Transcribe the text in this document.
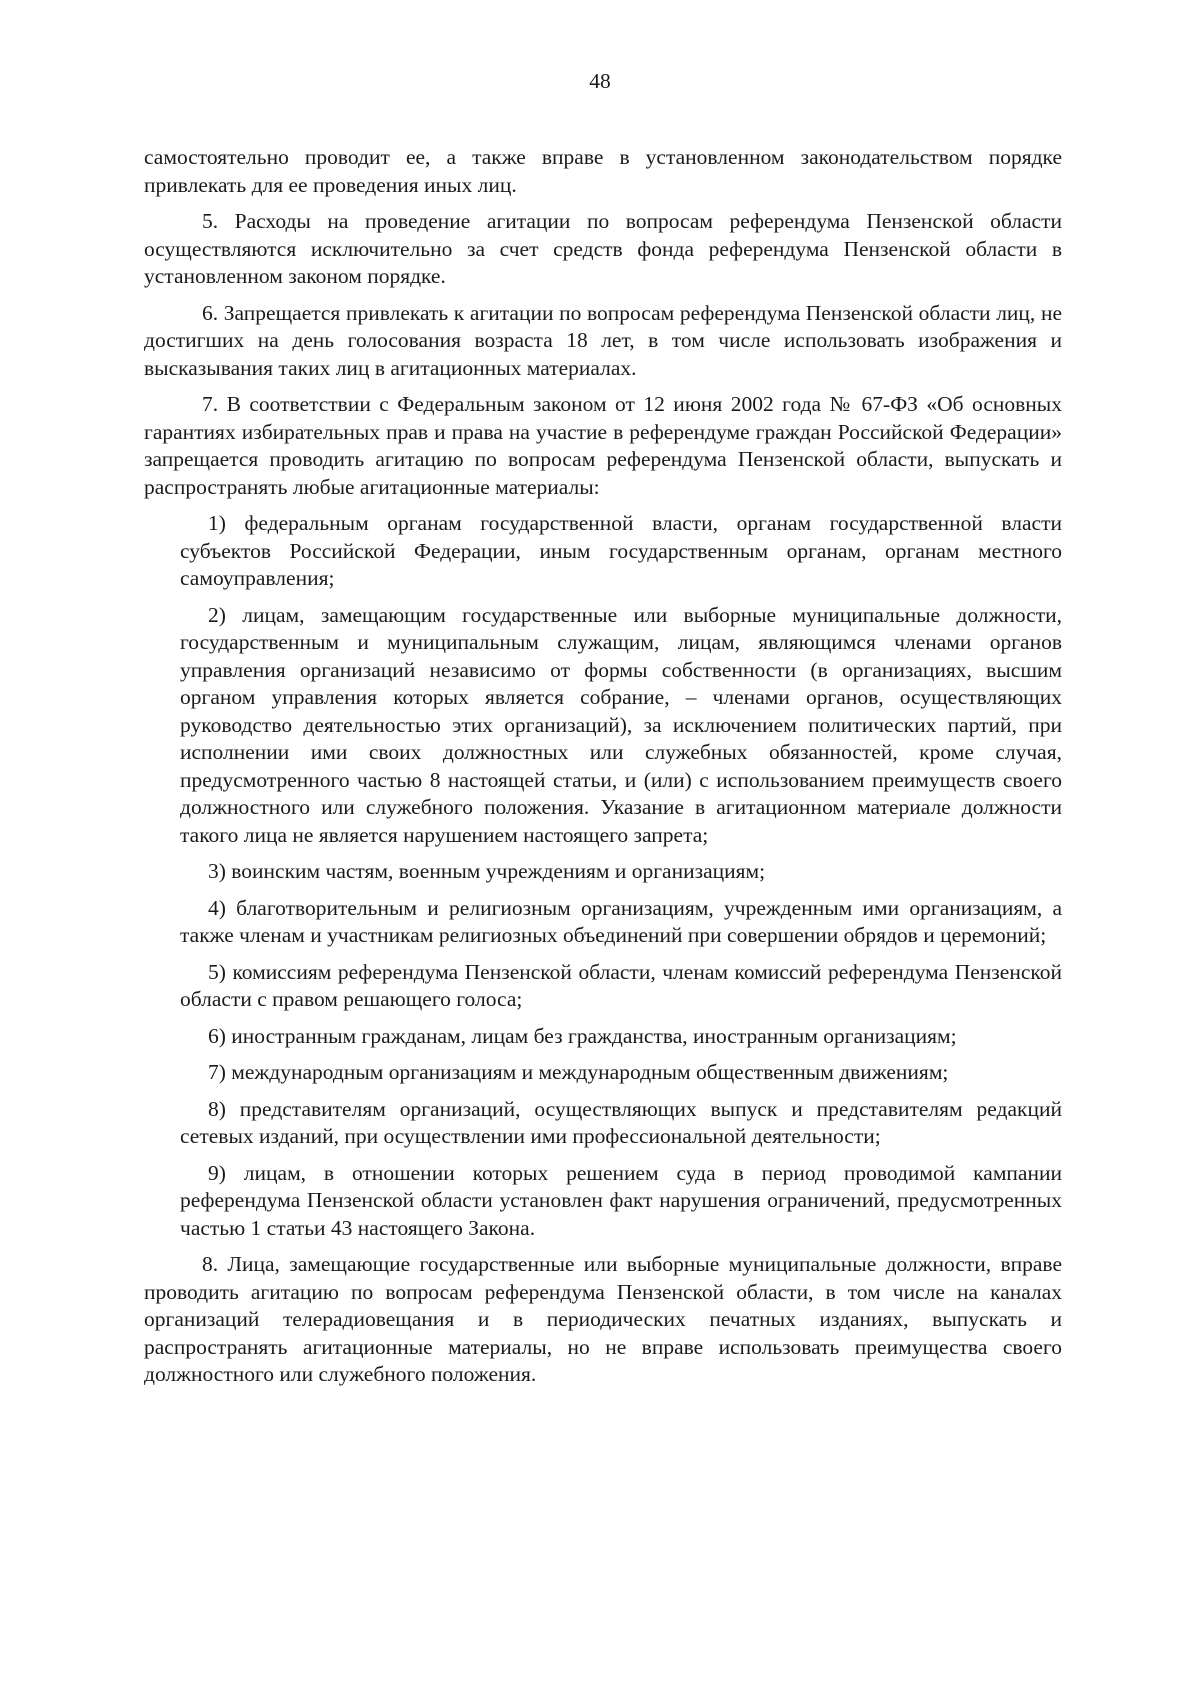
48

самостоятельно проводит ее, а также вправе в установленном законодательством порядке привлекать для ее проведения иных лиц.

5. Расходы на проведение агитации по вопросам референдума Пензенской области осуществляются исключительно за счет средств фонда референдума Пензенской области в установленном законом порядке.

6. Запрещается привлекать к агитации по вопросам референдума Пензенской области лиц, не достигших на день голосования возраста 18 лет, в том числе использовать изображения и высказывания таких лиц в агитационных материалах.

7. В соответствии с Федеральным законом от 12 июня 2002 года № 67-ФЗ «Об основных гарантиях избирательных прав и права на участие в референдуме граждан Российской Федерации» запрещается проводить агитацию по вопросам референдума Пензенской области, выпускать и распространять любые агитационные материалы:

1) федеральным органам государственной власти, органам государственной власти субъектов Российской Федерации, иным государственным органам, органам местного самоуправления;

2) лицам, замещающим государственные или выборные муниципальные должности, государственным и муниципальным служащим, лицам, являющимся членами органов управления организаций независимо от формы собственности (в организациях, высшим органом управления которых является собрание, – членами органов, осуществляющих руководство деятельностью этих организаций), за исключением политических партий, при исполнении ими своих должностных или служебных обязанностей, кроме случая, предусмотренного частью 8 настоящей статьи, и (или) с использованием преимуществ своего должностного или служебного положения. Указание в агитационном материале должности такого лица не является нарушением настоящего запрета;

3) воинским частям, военным учреждениям и организациям;

4) благотворительным и религиозным организациям, учрежденным ими организациям, а также членам и участникам религиозных объединений при совершении обрядов и церемоний;

5) комиссиям референдума Пензенской области, членам комиссий референдума Пензенской области с правом решающего голоса;

6) иностранным гражданам, лицам без гражданства, иностранным организациям;

7) международным организациям и международным общественным движениям;

8) представителям организаций, осуществляющих выпуск и представителям редакций сетевых изданий, при осуществлении ими профессиональной деятельности;

9) лицам, в отношении которых решением суда в период проводимой кампании референдума Пензенской области установлен факт нарушения ограничений, предусмотренных частью 1 статьи 43 настоящего Закона.

8. Лица, замещающие государственные или выборные муниципальные должности, вправе проводить агитацию по вопросам референдума Пензенской области, в том числе на каналах организаций телерадиовещания и в периодических печатных изданиях, выпускать и распространять агитационные материалы, но не вправе использовать преимущества своего должностного или служебного положения.
